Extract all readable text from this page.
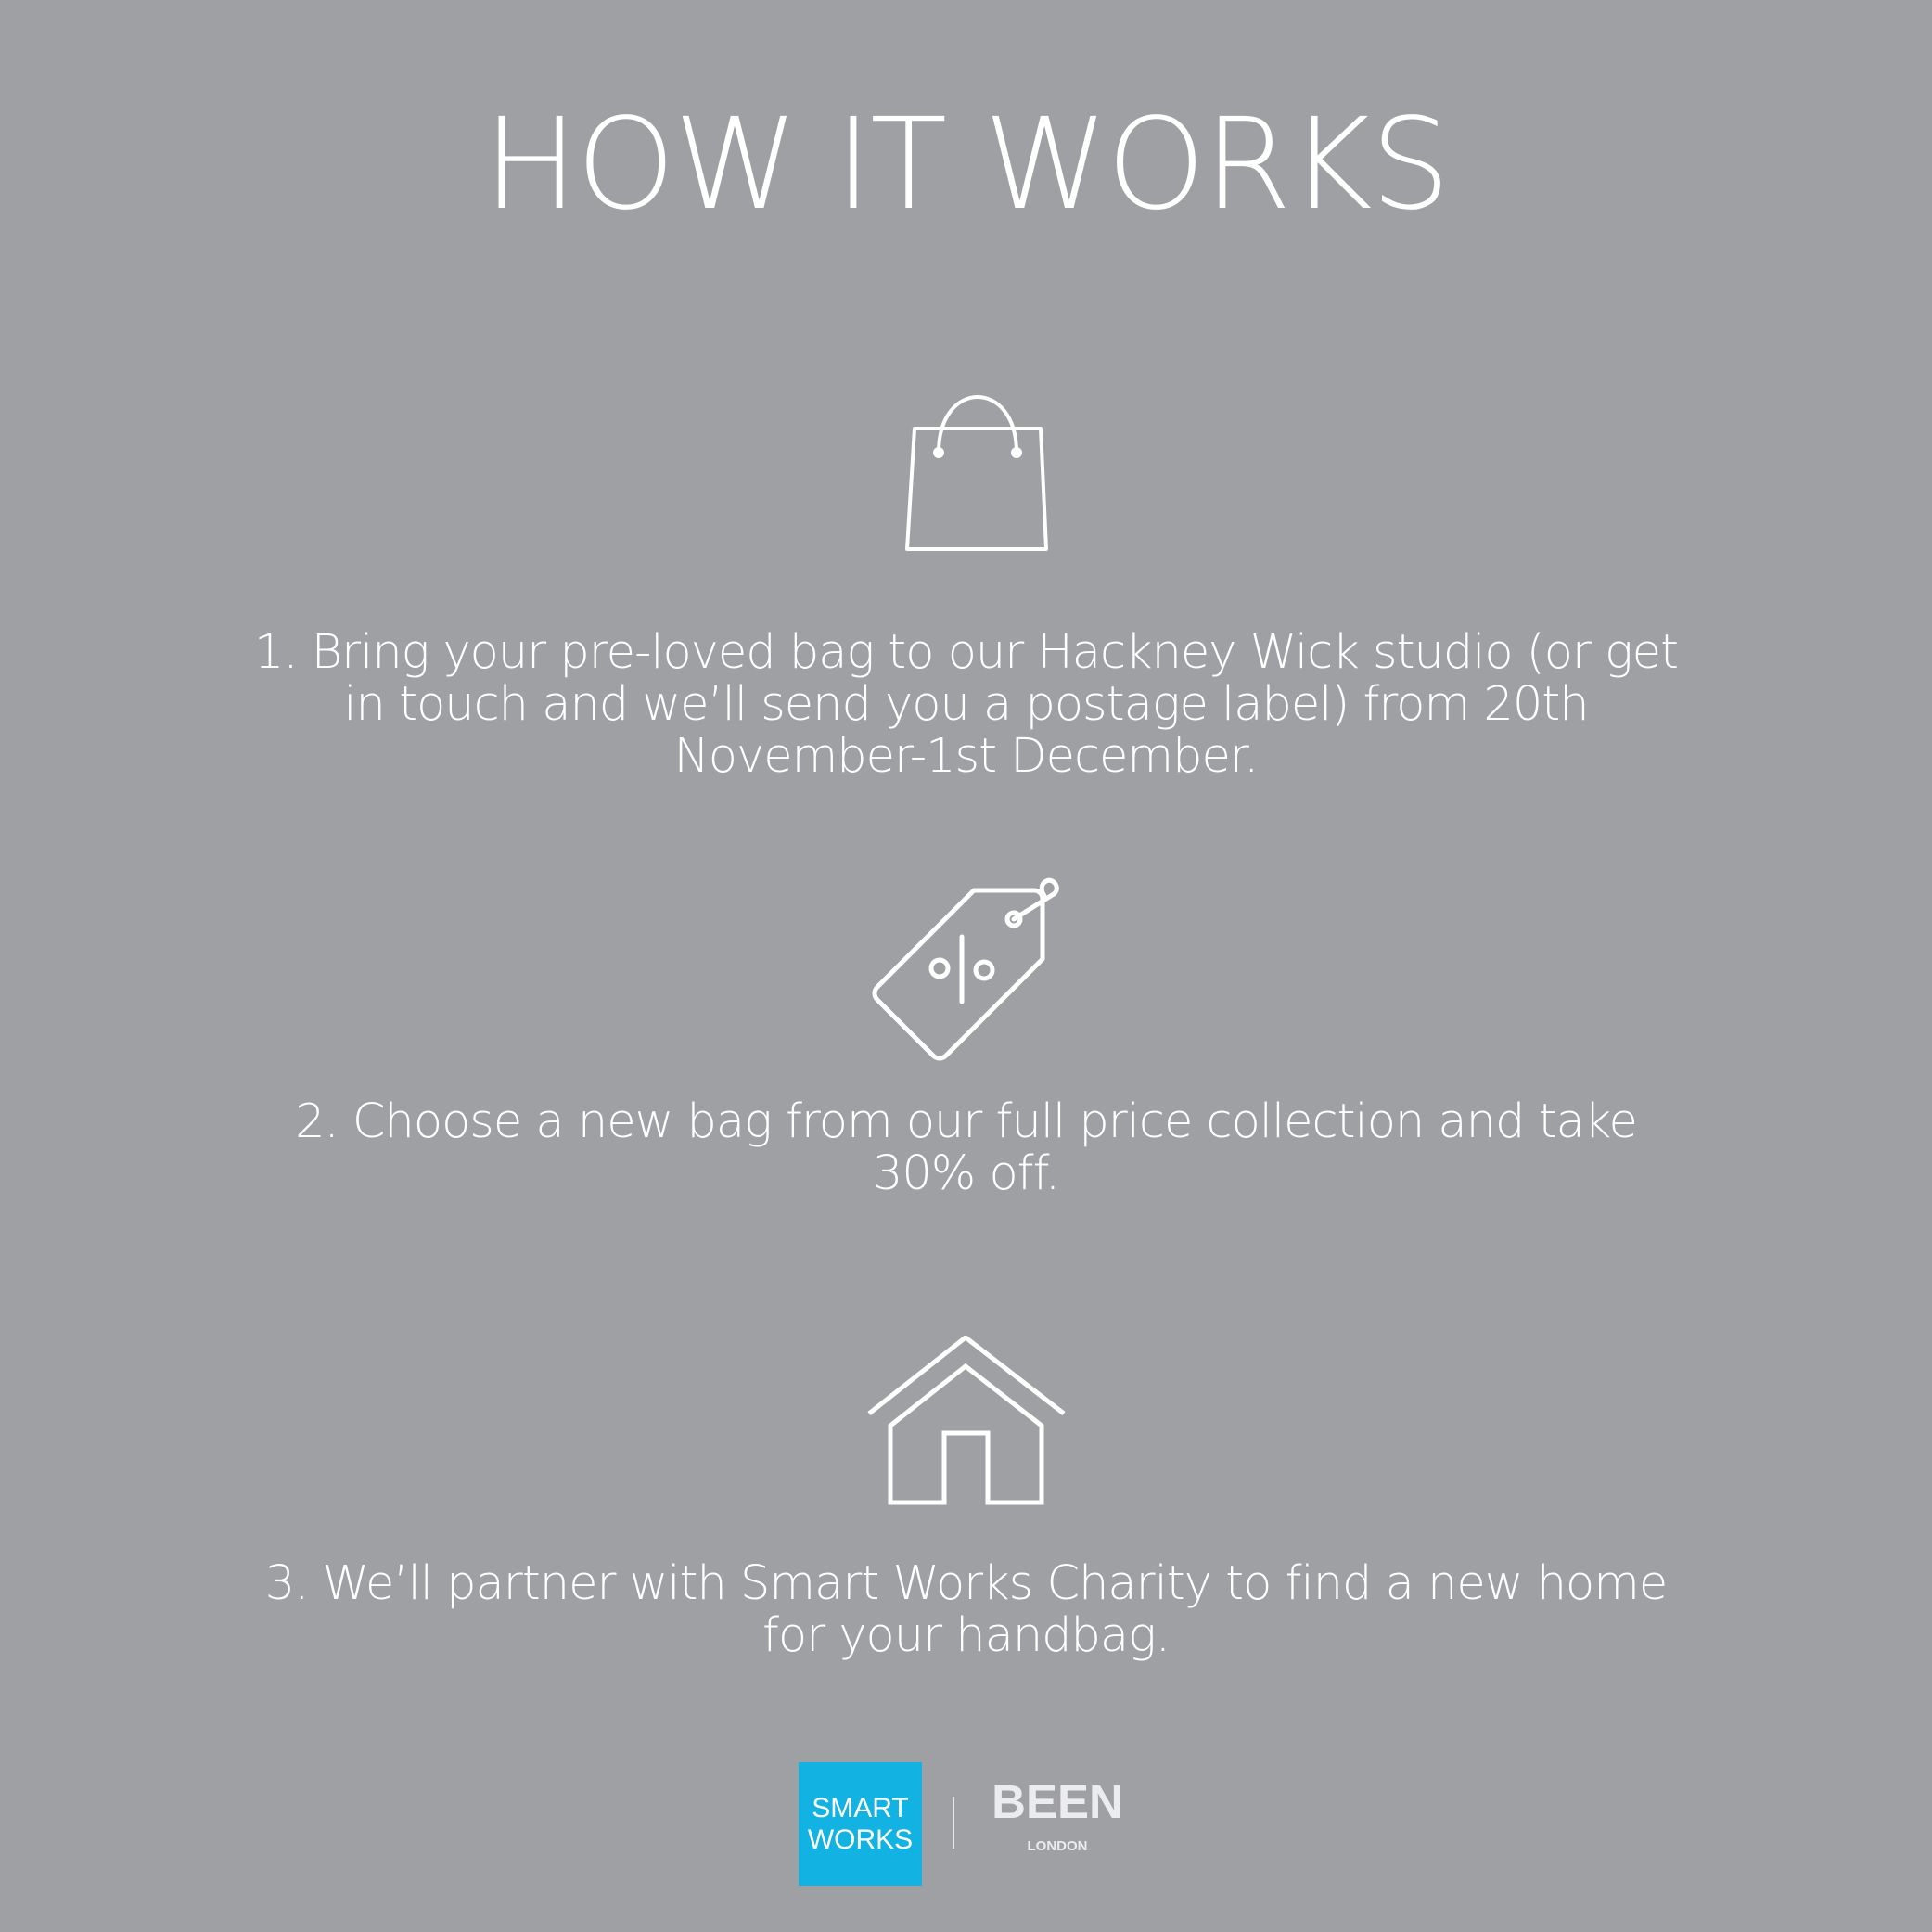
HOW IT WORKS
1. Bring your pre-loved bag to our Hackney Wick studio (or get in touch and we’ll send you a postage label) from 20th November-1st December.
2. Choose a new bag from our full price collection and take 30% off.
3. We’ll partner with Smart Works Charity to find a new home for your handbag.
SMART
WORKS
BEEN
LONDON
